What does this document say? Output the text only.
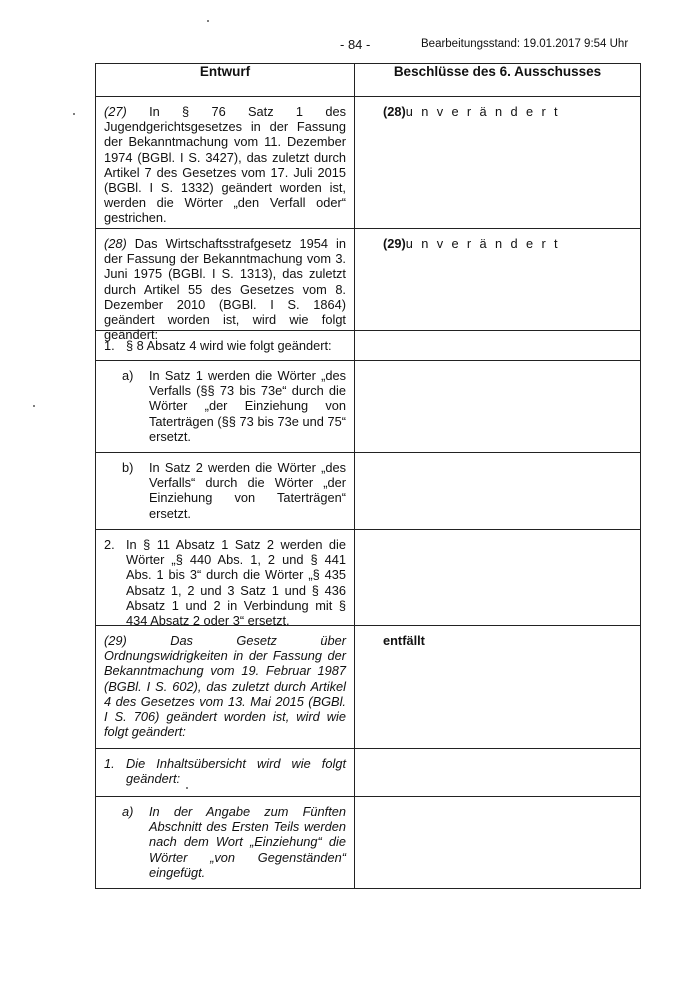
- 84 -	Bearbeitungsstand: 19.01.2017 9:54 Uhr
Entwurf	Beschlüsse des 6. Ausschusses

(27) In § 76 Satz 1 des Jugendgerichtsgesetzes in der Fassung der Bekanntmachung vom 11. Dezember 1974 (BGBl. I S. 3427), das zuletzt durch Artikel 7 des Gesetzes vom 17. Juli 2015 (BGBl. I S. 1332) geändert worden ist, werden die Wörter „den Verfall oder“ gestrichen.	(28)u n v e r ä n d e r t

(28) Das Wirtschaftsstrafgesetz 1954 in der Fassung der Bekanntmachung vom 3. Juni 1975 (BGBl. I S. 1313), das zuletzt durch Artikel 55 des Gesetzes vom 8. Dezember 2010 (BGBl. I S. 1864) geändert worden ist, wird wie folgt geändert:	(29)u n v e r ä n d e r t

1. § 8 Absatz 4 wird wie folgt geändert:	

a) In Satz 1 werden die Wörter „des Verfalls (§§ 73 bis 73e“ durch die Wörter „der Einziehung von Taterträgen (§§ 73 bis 73e und 75“ ersetzt.	

b) In Satz 2 werden die Wörter „des Verfalls“ durch die Wörter „der Einziehung von Taterträgen“ ersetzt.	

2. In § 11 Absatz 1 Satz 2 werden die Wörter „§ 440 Abs. 1, 2 und § 441 Abs. 1 bis 3“ durch die Wörter „§ 435 Absatz 1, 2 und 3 Satz 1 und § 436 Absatz 1 und 2 in Verbindung mit § 434 Absatz 2 oder 3“ ersetzt.	

(29) Das Gesetz über Ordnungswidrigkeiten in der Fassung der Bekanntmachung vom 19. Februar 1987 (BGBl. I S. 602), das zuletzt durch Artikel 4 des Gesetzes vom 13. Mai 2015 (BGBl. I S. 706) geändert worden ist, wird wie folgt geändert:	entfällt

1. Die Inhaltsübersicht wird wie folgt geändert:	

a) In der Angabe zum Fünften Abschnitt des Ersten Teils werden nach dem Wort „Einziehung“ die Wörter „von Gegenständen“ eingefügt.	
